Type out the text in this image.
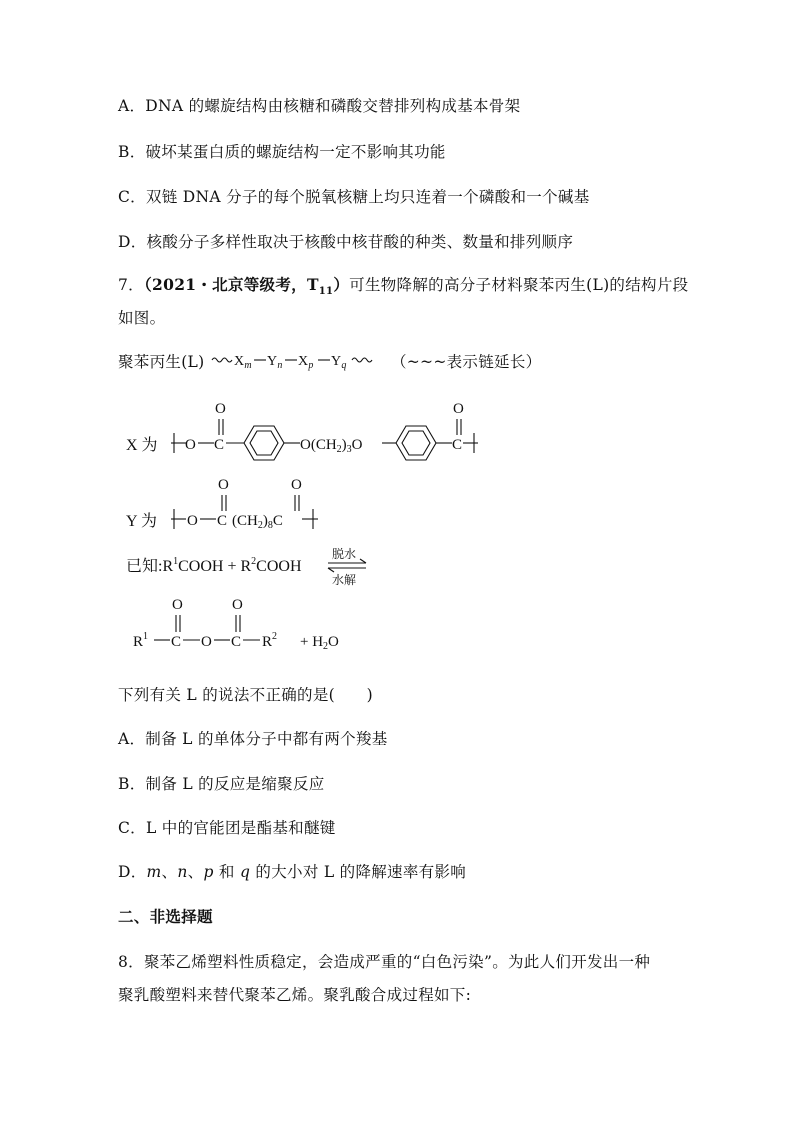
A．DNA 的螺旋结构由核糖和磷酸交替排列构成基本骨架
B．破坏某蛋白质的螺旋结构一定不影响其功能
C．双链 DNA 分子的每个脱氧核糖上均只连着一个磷酸和一个碱基
D．核酸分子多样性取决于核酸中核苷酸的种类、数量和排列顺序
7．（2021・北京等级考，$T_{11}$）可生物降解的高分子材料聚苯丙生(L)的结构片段
如图。
聚苯丙生(L) $X_m$ $Y_n$ $X_p$ $Y_q$	（~~~表示链延长）
X 为 O C
O
$O(CH_2)_3O$	C
O
Y 为 O C
O
$(CH_2)_8C$
O
已知$:R^1COOH$ + $R^2COOH$
脱水
水解
$R^1$ C
O
O C
O
$R^2 + H_2O$
下列有关 L 的说法不正确的是(　　)
A．制备 L 的单体分子中都有两个羧基
B．制备 L 的反应是缩聚反应
C．L 中的官能团是酯基和醚键
D．m、n、p 和 q 的大小对 L 的降解速率有影响
二、非选择题
8．聚苯乙烯塑料性质稳定，会造成严重的“白色污染”。为此人们开发出一种
聚乳酸塑料来替代聚苯乙烯。聚乳酸合成过程如下:
